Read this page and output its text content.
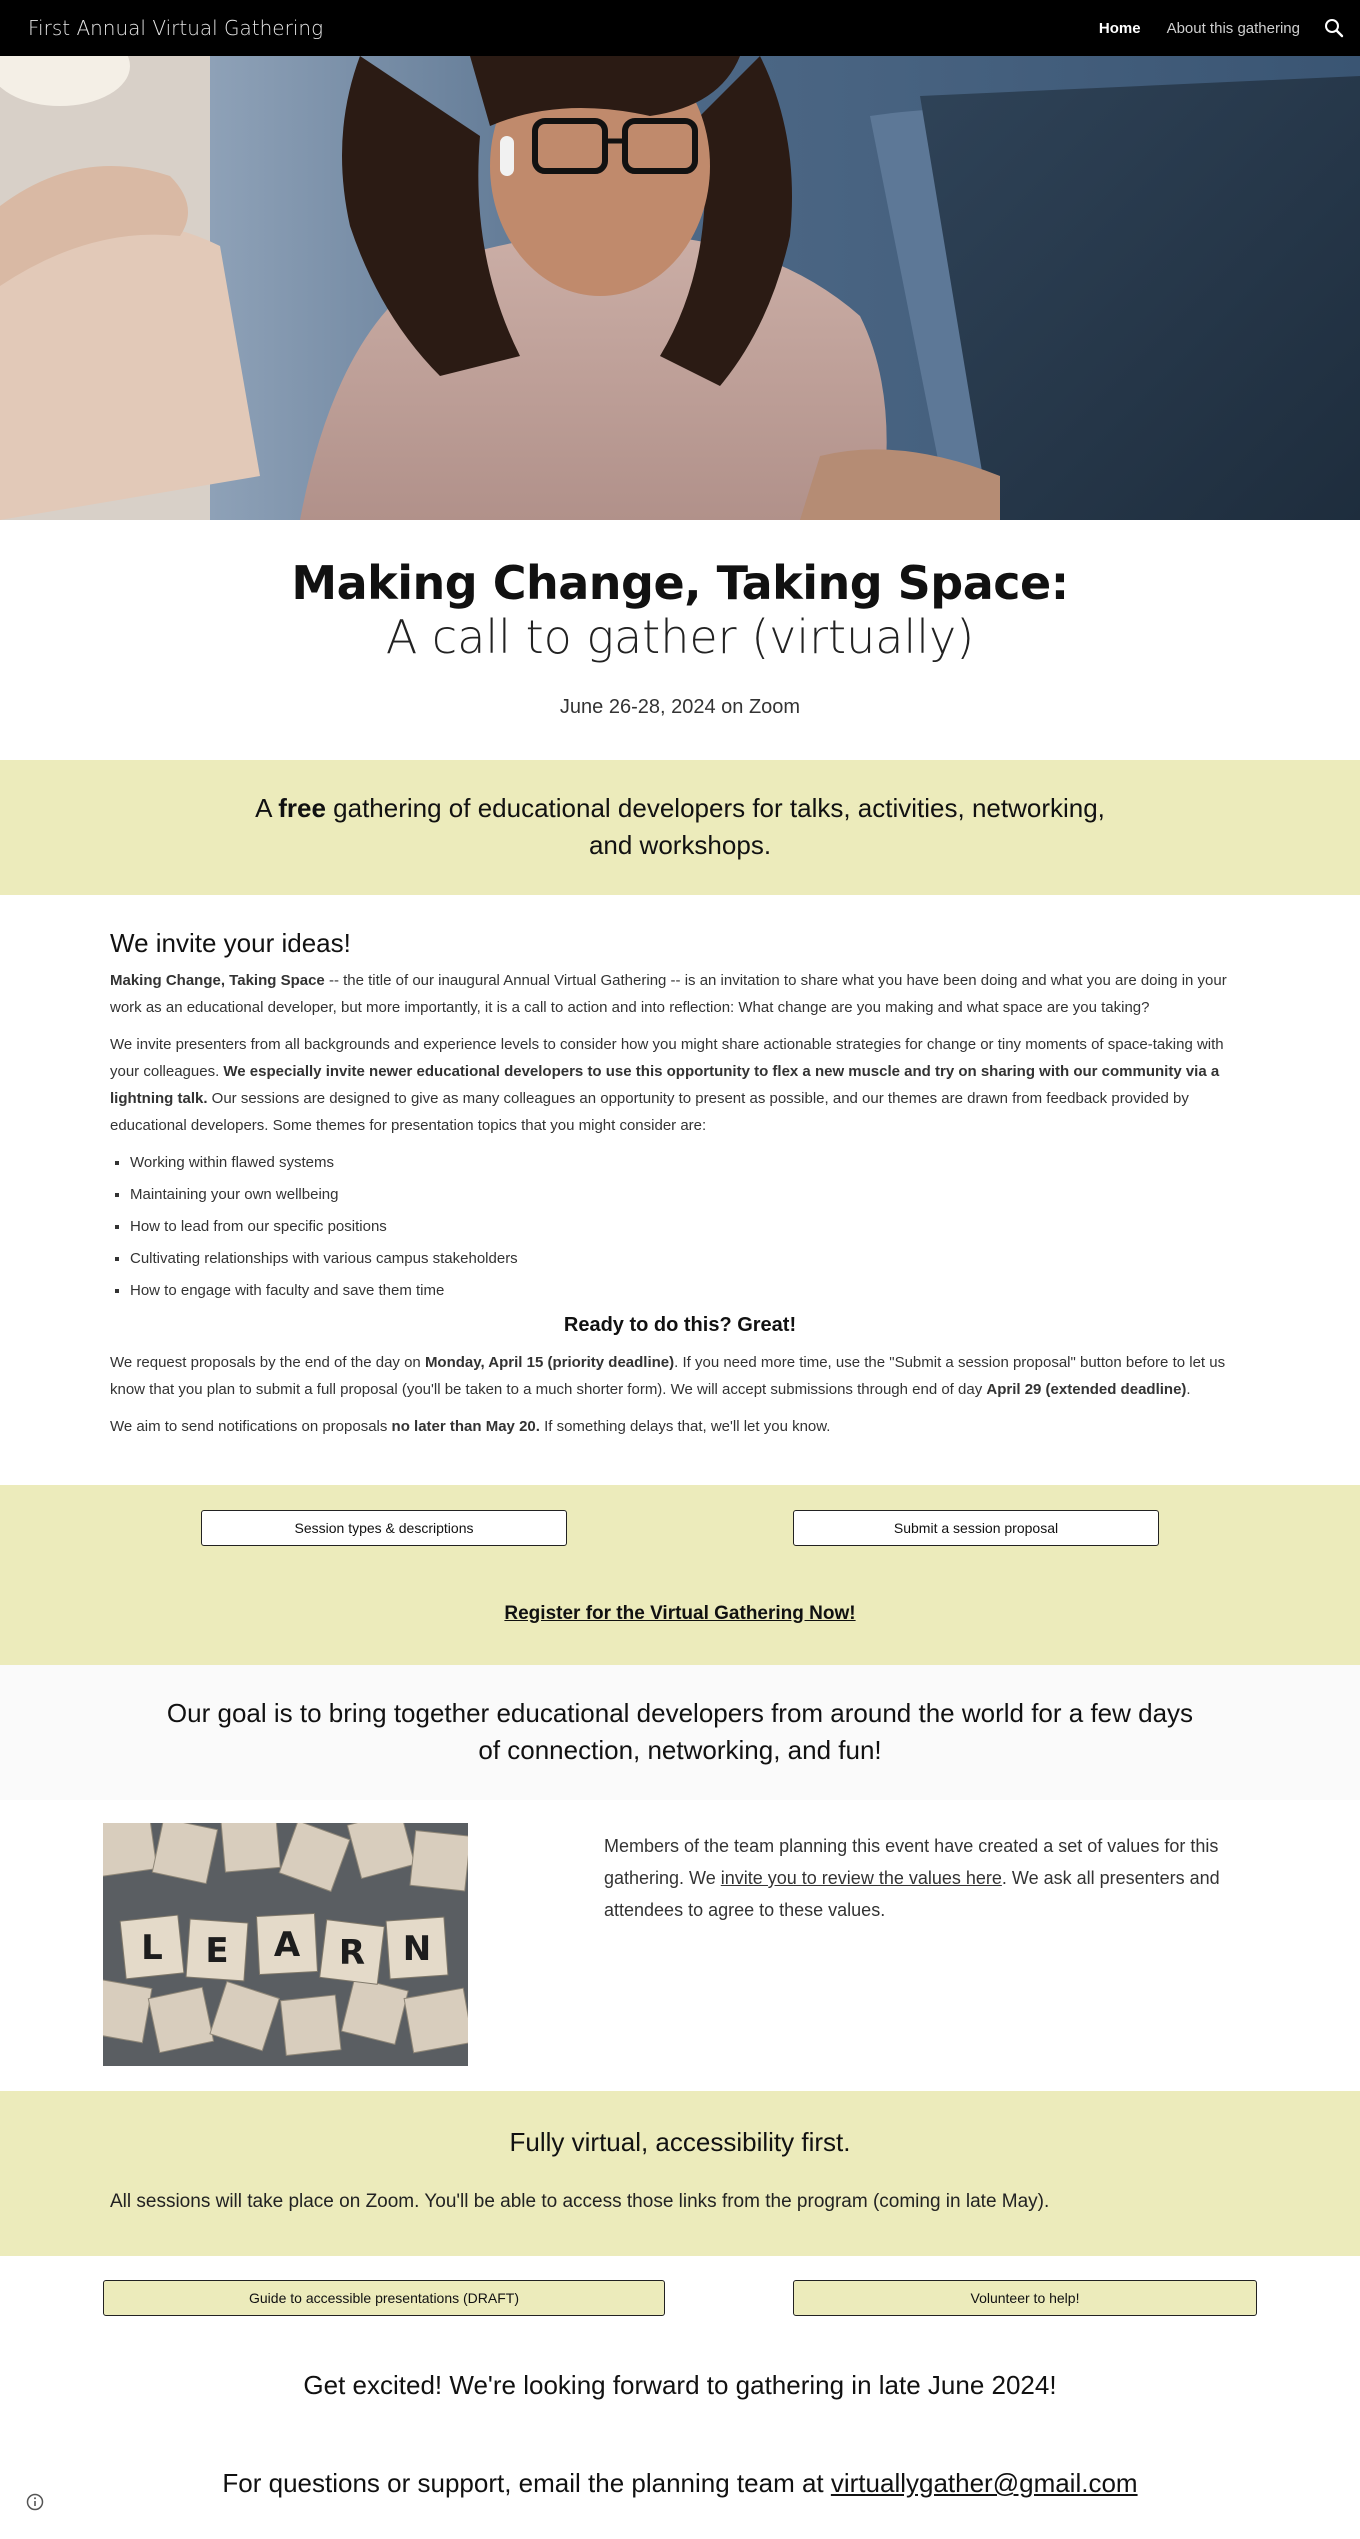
First Annual Virtual Gathering	Home About this gathering
Making Change, Taking Space:
A call to gather (virtually)
June 26-28, 2024 on Zoom
A free gathering of educational developers for talks, activities, networking, and workshops.
We invite your ideas!

Making Change, Taking Space -- the title of our inaugural Annual Virtual Gathering -- is an invitation to share what you have been doing and what you are doing in your work as an educational developer, but more importantly, it is a call to action and into reflection: What change are you making and what space are you taking?

We invite presenters from all backgrounds and experience levels to consider how you might share actionable strategies for change or tiny moments of space-taking with your colleagues. We especially invite newer educational developers to use this opportunity to flex a new muscle and try on sharing with our community via a lightning talk. Our sessions are designed to give as many colleagues an opportunity to present as possible, and our themes are drawn from feedback provided by educational developers. Some themes for presentation topics that you might consider are:

▪ Working within flawed systems
▪ Maintaining your own wellbeing
▪ How to lead from our specific positions
▪ Cultivating relationships with various campus stakeholders
▪ How to engage with faculty and save them time
Ready to do this? Great!

We request proposals by the end of the day on Monday, April 15 (priority deadline). If you need more time, use the "Submit a session proposal" button before to let us know that you plan to submit a full proposal (you'll be taken to a much shorter form). We will accept submissions through end of day April 29 (extended deadline).

We aim to send notifications on proposals no later than May 20. If something delays that, we'll let you know.

Session types & descriptions	Submit a session proposal
Register for the Virtual Gathering Now!
Our goal is to bring together educational developers from around the world for a few days of connection, networking, and fun!
L E A R N
Members of the team planning this event have created a set of values for this gathering. We invite you to review the values here. We ask all presenters and attendees to agree to these values.
Fully virtual, accessibility first.
All sessions will take place on Zoom. You'll be able to access those links from the program (coming in late May).
Guide to accessible presentations (DRAFT)	Volunteer to help!
Get excited! We're looking forward to gathering in late June 2024!
For questions or support, email the planning team at virtuallygather@gmail.com
